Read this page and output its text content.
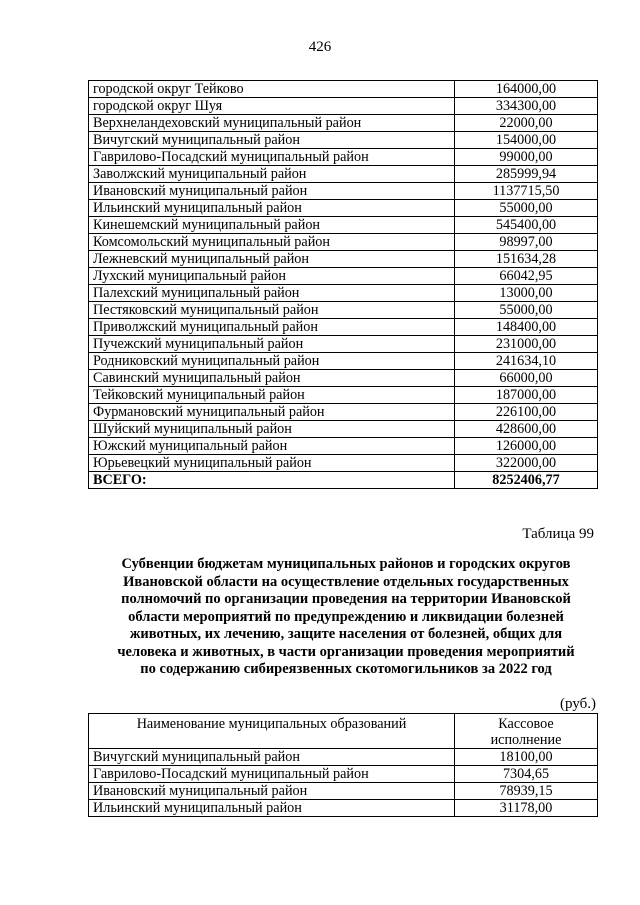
426
городской округ Тейково	164000,00
городской округ Шуя	334300,00
Верхнеландеховский муниципальный район	22000,00
Вичугский муниципальный район	154000,00
Гаврилово-Посадский муниципальный район	99000,00
Заволжский муниципальный район	285999,94
Ивановский муниципальный район	1137715,50
Ильинский муниципальный район	55000,00
Кинешемский муниципальный район	545400,00
Комсомольский муниципальный район	98997,00
Лежневский муниципальный район	151634,28
Лухский муниципальный район	66042,95
Палехский муниципальный район	13000,00
Пестяковский муниципальный район	55000,00
Приволжский муниципальный район	148400,00
Пучежский муниципальный район	231000,00
Родниковский муниципальный район	241634,10
Савинский муниципальный район	66000,00
Тейковский муниципальный район	187000,00
Фурмановский муниципальный район	226100,00
Шуйский муниципальный район	428600,00
Южский муниципальный район	126000,00
Юрьевецкий муниципальный район	322000,00
ВСЕГО:	8252406,77
Таблица 99
Субвенции бюджетам муниципальных районов и городских округов
Ивановской области на осуществление отдельных государственных
полномочий по организации проведения на территории Ивановской
области мероприятий по предупреждению и ликвидации болезней
животных, их лечению, защите населения от болезней, общих для
человека и животных, в части организации проведения мероприятий
по содержанию сибиреязвенных скотомогильников за 2022 год
(руб.)
Наименование муниципальных образований	Кассовое
исполнение

Вичугский муниципальный район	18100,00
Гаврилово-Посадский муниципальный район	7304,65
Ивановский муниципальный район	78939,15
Ильинский муниципальный район	31178,00
